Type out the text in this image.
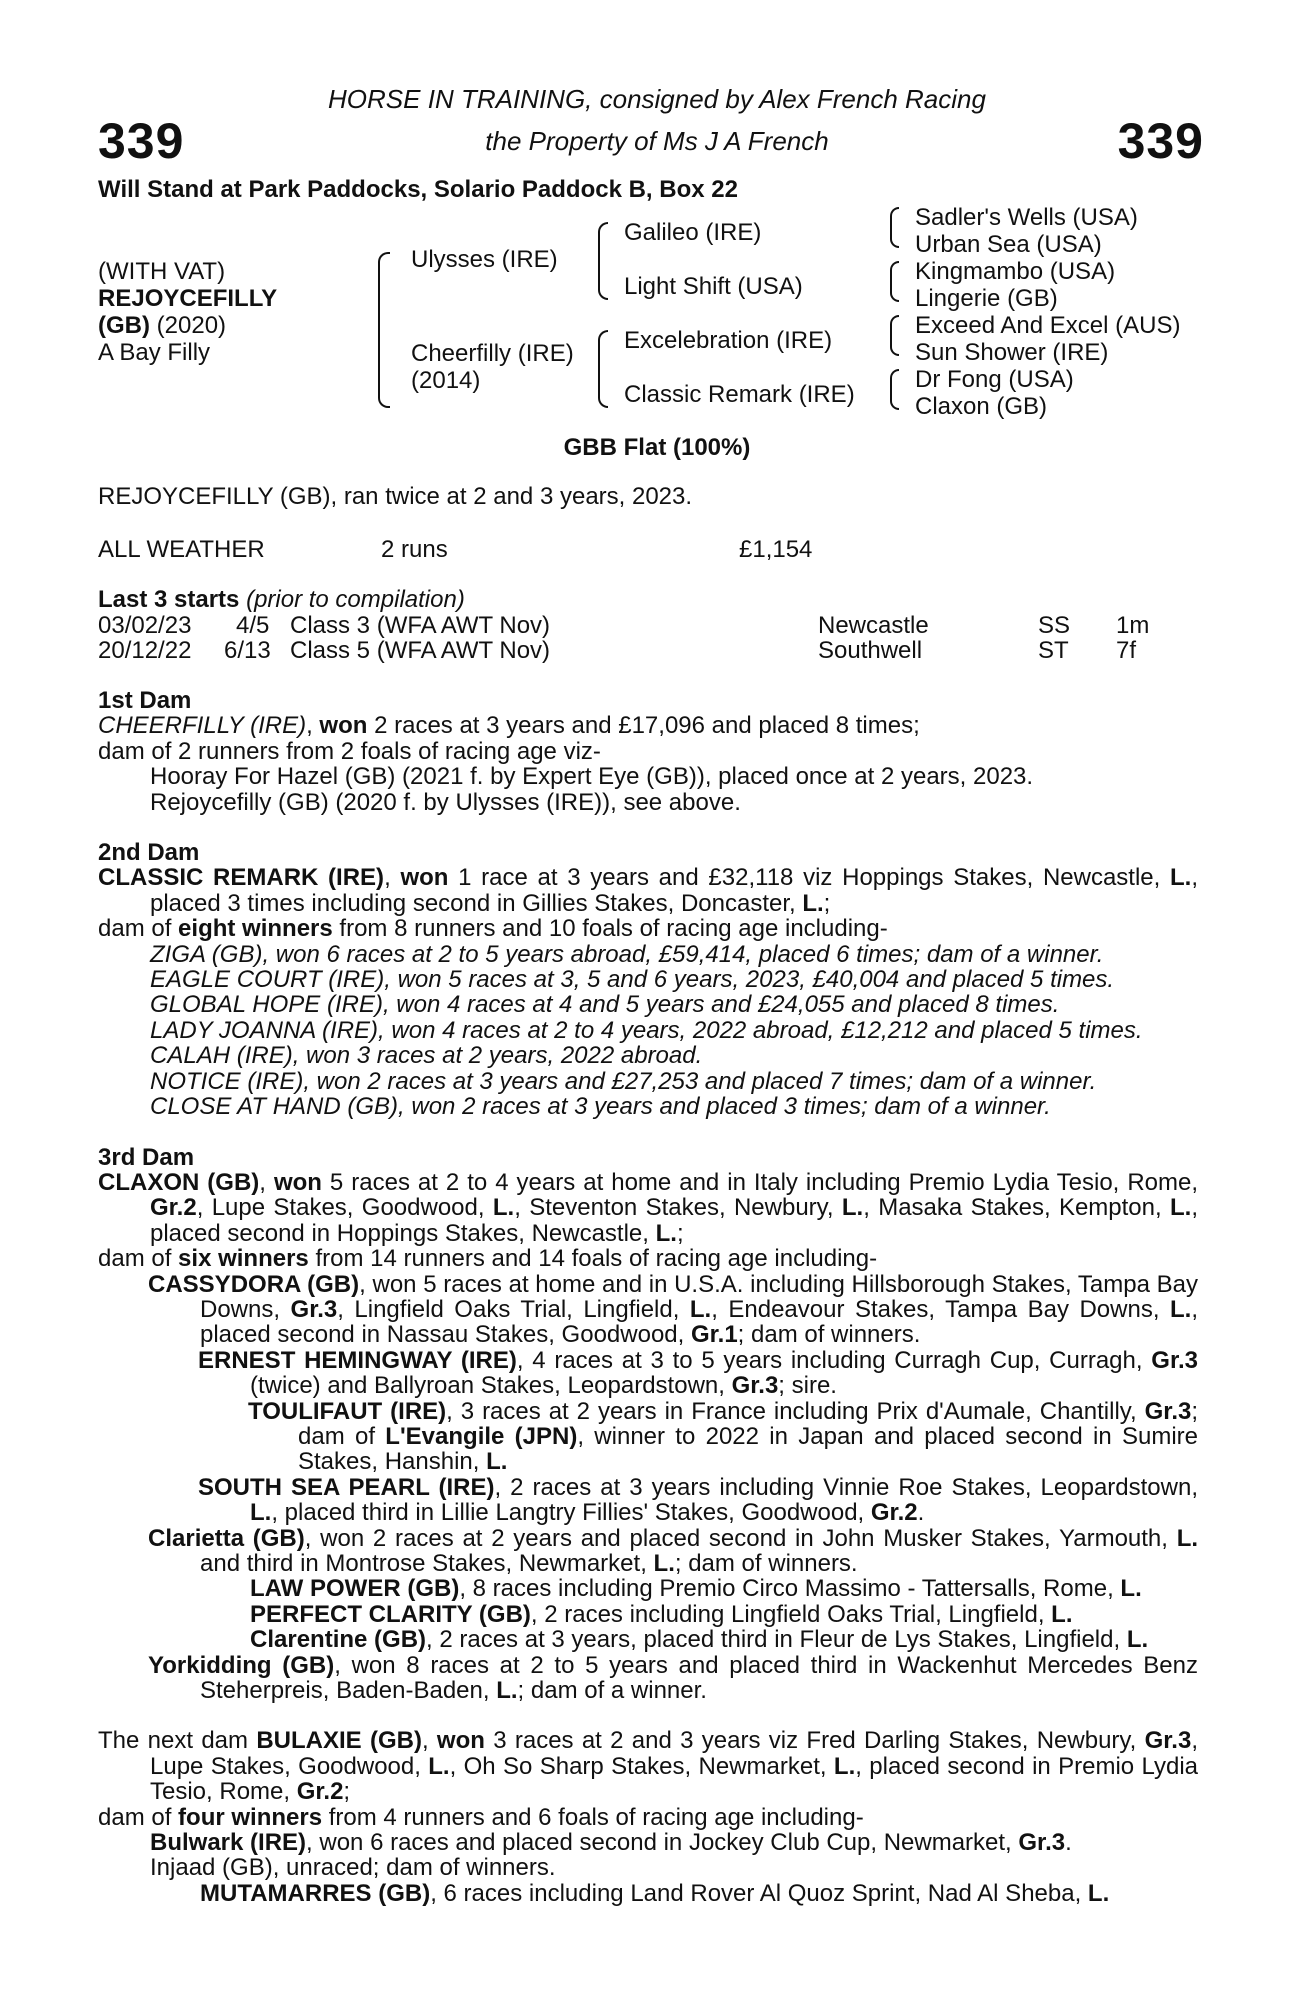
339	339
HORSE IN TRAINING, consigned by Alex French Racing
the Property of Ms J A French
Will Stand at Park Paddocks, Solario Paddock B, Box 22
(WITH VAT)
REJOYCEFILLY
(GB) (2020)
A Bay Filly
Ulysses (IRE)
Cheerfilly (IRE)
(2014)
Galileo (IRE)
Light Shift (USA)
Excelebration (IRE)
Classic Remark (IRE)
Sadler's Wells (USA)
Urban Sea (USA)
Kingmambo (USA)
Lingerie (GB)
Exceed And Excel (AUS)
Sun Shower (IRE)
Dr Fong (USA)
Claxon (GB)
GBB Flat (100%)
REJOYCEFILLY (GB), ran twice at 2 and 3 years, 2023.
ALL WEATHER	2 runs	£1,154
Last 3 starts (prior to compilation)
03/02/23 4/5 Class 3 (WFA AWT Nov)	Newcastle	SS 1m
20/12/22 6/13 Class 5 (WFA AWT Nov)	Southwell	ST 7f

1st Dam

CHEERFILLY (IRE), won 2 races at 3 years and £17,096 and placed 8 times;

dam of 2 runners from 2 foals of racing age viz-

Hooray For Hazel (GB) (2021 f. by Expert Eye (GB)), placed once at 2 years, 2023.

Rejoycefilly (GB) (2020 f. by Ulysses (IRE)), see above.

2nd Dam

CLASSIC REMARK (IRE), won 1 race at 3 years and £32,118 viz Hoppings Stakes, Newcastle, L., placed 3 times including second in Gillies Stakes, Doncaster, L.;

dam of eight winners from 8 runners and 10 foals of racing age including-

ZIGA (GB), won 6 races at 2 to 5 years abroad, £59,414, placed 6 times; dam of a winner.

EAGLE COURT (IRE), won 5 races at 3, 5 and 6 years, 2023, £40,004 and placed 5 times.

GLOBAL HOPE (IRE), won 4 races at 4 and 5 years and £24,055 and placed 8 times.

LADY JOANNA (IRE), won 4 races at 2 to 4 years, 2022 abroad, £12,212 and placed 5 times.

CALAH (IRE), won 3 races at 2 years, 2022 abroad.

NOTICE (IRE), won 2 races at 3 years and £27,253 and placed 7 times; dam of a winner.

CLOSE AT HAND (GB), won 2 races at 3 years and placed 3 times; dam of a winner.

3rd Dam

CLAXON (GB), won 5 races at 2 to 4 years at home and in Italy including Premio Lydia Tesio, Rome, Gr.2, Lupe Stakes, Goodwood, L., Steventon Stakes, Newbury, L., Masaka Stakes, Kempton, L., placed second in Hoppings Stakes, Newcastle, L.;

dam of six winners from 14 runners and 14 foals of racing age including-

CASSYDORA (GB), won 5 races at home and in U.S.A. including Hillsborough Stakes, Tampa Bay Downs, Gr.3, Lingfield Oaks Trial, Lingfield, L., Endeavour Stakes, Tampa Bay Downs, L., placed second in Nassau Stakes, Goodwood, Gr.1; dam of winners.

ERNEST HEMINGWAY (IRE), 4 races at 3 to 5 years including Curragh Cup, Curragh, Gr.3 (twice) and Ballyroan Stakes, Leopardstown, Gr.3; sire.

TOULIFAUT (IRE), 3 races at 2 years in France including Prix d'Aumale, Chantilly, Gr.3; dam of L'Evangile (JPN), winner to 2022 in Japan and placed second in Sumire Stakes, Hanshin, L.

SOUTH SEA PEARL (IRE), 2 races at 3 years including Vinnie Roe Stakes, Leopardstown, L., placed third in Lillie Langtry Fillies' Stakes, Goodwood, Gr.2.

Clarietta (GB), won 2 races at 2 years and placed second in John Musker Stakes, Yarmouth, L. and third in Montrose Stakes, Newmarket, L.; dam of winners.

LAW POWER (GB), 8 races including Premio Circo Massimo - Tattersalls, Rome, L.

PERFECT CLARITY (GB), 2 races including Lingfield Oaks Trial, Lingfield, L.

Clarentine (GB), 2 races at 3 years, placed third in Fleur de Lys Stakes, Lingfield, L.

Yorkidding (GB), won 8 races at 2 to 5 years and placed third in Wackenhut Mercedes Benz Steherpreis, Baden-Baden, L.; dam of a winner.

The next dam BULAXIE (GB), won 3 races at 2 and 3 years viz Fred Darling Stakes, Newbury, Gr.3, Lupe Stakes, Goodwood, L., Oh So Sharp Stakes, Newmarket, L., placed second in Premio Lydia Tesio, Rome, Gr.2;

dam of four winners from 4 runners and 6 foals of racing age including-

Bulwark (IRE), won 6 races and placed second in Jockey Club Cup, Newmarket, Gr.3.

Injaad (GB), unraced; dam of winners.

MUTAMARRES (GB), 6 races including Land Rover Al Quoz Sprint, Nad Al Sheba, L.
